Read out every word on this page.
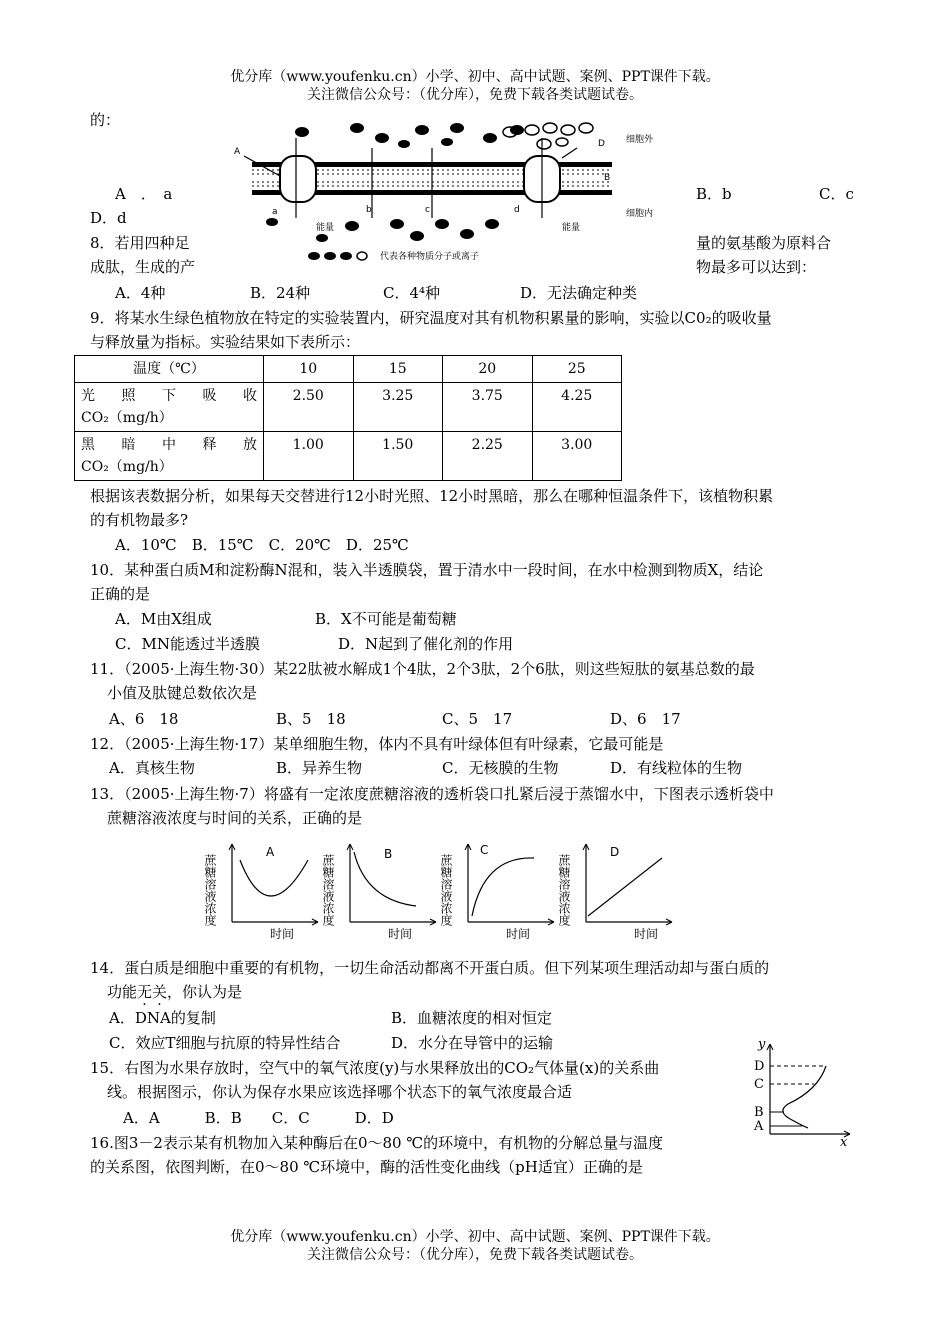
优分库（www.youfenku.cn）小学、初中、高中试题、案例、PPT课件下载。
关注微信公众号：（优分库），免费下载各类试题试卷。
的：
A
B
D
a	b	c	d
细胞外
细胞内
能量	能量
代表各种物质分子或离子
A　．　a	B．b	C．c
D．d
8．若用四种足	量的氨基酸为原料合
成肽，生成的产	物最多可以达到：
A．4种	B．24种	C．4⁴种	D．无法确定种类
9．将某水生绿色植物放在特定的实验装置内，研究温度对其有机物积累量的影响，实验以C0₂的吸收量
与释放量为指标。实验结果如下表所示：
温度（℃）	10	15	20	25
光　照　下　吸　收
CO₂（mg/h）	2.50	3.25	3.75	4.25
黑　暗　中　释　放
CO₂（mg/h）	1.00	1.50	2.25	3.00
根据该表数据分析，如果每天交替进行12小时光照、12小时黑暗，那么在哪种恒温条件下，该植物积累
的有机物最多?
A．10℃　B．15℃　C．20℃　D．25℃
10．某种蛋白质M和淀粉酶N混和，装入半透膜袋，置于清水中一段时间，在水中检测到物质X，结论
正确的是
A．M由X组成	B．X不可能是葡萄糖
C．MN能透过半透膜	D．N起到了催化剂的作用
11．（2005·上海生物·30）某22肽被水解成1个4肽，2个3肽，2个6肽，则这些短肽的氨基总数的最
小值及肽键总数依次是
A、6　18	B、5　18	C、5　17	D、6　17
12．（2005·上海生物·17）某单细胞生物，体内不具有叶绿体但有叶绿素，它最可能是
A．真核生物	B．异养生物	C．无核膜的生物	D．有线粒体的生物
13．（2005·上海生物·7）将盛有一定浓度蔗糖溶液的透析袋口扎紧后浸于蒸馏水中，下图表示透析袋中
蔗糖溶液浓度与时间的关系，正确的是
蔗糖溶液浓度
A
时间
蔗糖溶液浓度	B
时间
蔗糖溶液浓度
C
时间
蔗糖溶液浓度
D
时间
14．蛋白质是细胞中重要的有机物，一切生命活动都离不开蛋白质。但下列某项生理活动却与蛋白质的
功能无关，你认为是
A．DNA的复制	B．血糖浓度的相对恒定
C．效应T细胞与抗原的特异性结合	D．水分在导管中的运输
15．右图为水果存放时，空气中的氧气浓度(y)与水果释放出的CO₂气体量(x)的关系曲
线。根据图示，你认为保存水果应该选择哪个状态下的氧气浓度最合适
A．A　　　B．B　　C．C　　　D．D
y
x
D
C
B
A
16.图3－2表示某有机物加入某种酶后在0～80 ℃的环境中，有机物的分解总量与温度
的关系图，依图判断，在0～80 ℃环境中，酶的活性变化曲线（pH适宜）正确的是
优分库（www.youfenku.cn）小学、初中、高中试题、案例、PPT课件下载。
关注微信公众号：（优分库），免费下载各类试题试卷。
